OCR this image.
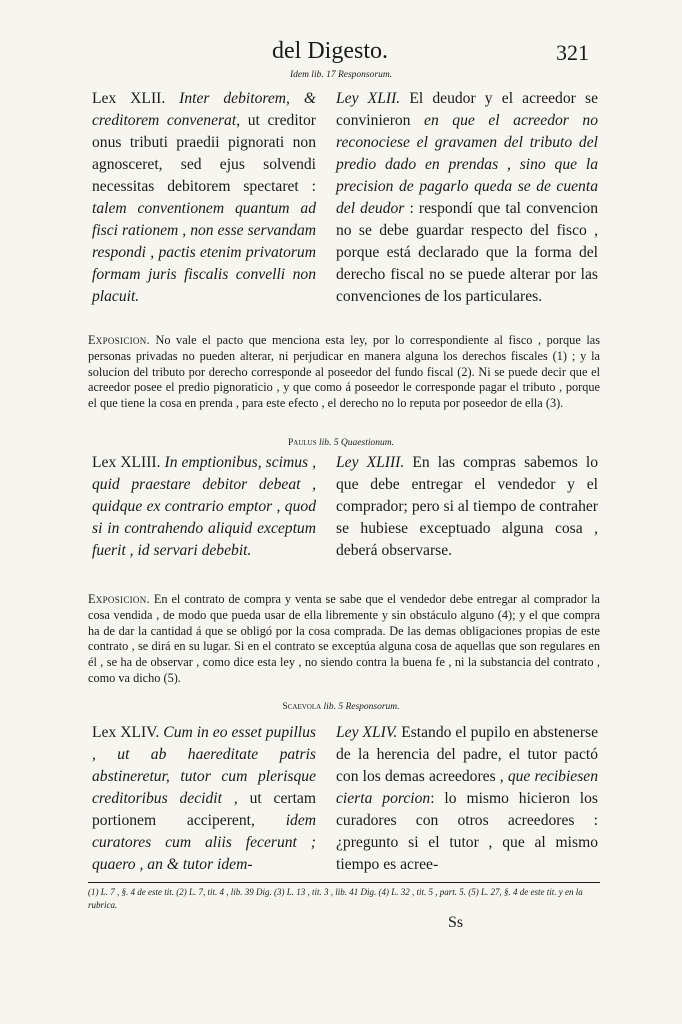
del Digesto.	321
Idem lib. 17 Responsorum.

Lex XLII. Inter debitorem, & creditorem convenerat, ut creditor onus tributi praedii pignorati non agnosceret, sed ejus solvendi necessitas debitorem spectaret : talem conventionem quantum ad fisci rationem , non esse servandam respondi , pactis etenim privatorum formam juris fiscalis convelli non placuit.

Ley XLII. El deudor y el acreedor se convinieron en que el acreedor no reconociese el gravamen del tributo del predio dado en prendas , sino que la precision de pagarlo queda se de cuenta del deudor : respondí que tal convencion no se debe guardar respecto del fisco , porque está declarado que la forma del derecho fiscal no se puede alterar por las convenciones de los particulares.

Exposicion. No vale el pacto que menciona esta ley, por lo correspondiente al fisco , porque las personas privadas no pueden alterar, ni perjudicar en manera alguna los derechos fiscales (1) ; y la solucion del tributo por derecho corresponde al poseedor del fundo fiscal (2). Ni se puede decir que el acreedor posee el predio pignoraticio , y que como á poseedor le corresponde pagar el tributo , porque el que tiene la cosa en prenda , para este efecto , el derecho no lo reputa por poseedor de ella (3).
Paulus lib. 5 Quaestionum.

Lex XLIII. In emptionibus, scimus , quid praestare debitor debeat , quidque ex contrario emptor , quod si in contrahendo aliquid exceptum fuerit , id servari debebit.

Ley XLIII. En las compras sabemos lo que debe entregar el vendedor y el comprador; pero si al tiempo de contraher se hubiese exceptuado alguna cosa , deberá observarse.

Exposicion. En el contrato de compra y venta se sabe que el vendedor debe entregar al comprador la cosa vendida , de modo que pueda usar de ella libremente y sin obstáculo alguno (4); y el que compra ha de dar la cantidad á que se obligó por la cosa comprada. De las demas obligaciones propias de este contrato , se dirá en su lugar. Si en el contrato se exceptúa alguna cosa de aquellas que son regulares en él , se ha de observar , como dice esta ley , no siendo contra la buena fe , ni la substancia del contrato , como va dicho (5).
Scaevola lib. 5 Responsorum.

Lex XLIV. Cum in eo esset pupillus , ut ab haereditate patris abstineretur, tutor cum plerisque creditoribus decidit , ut certam portionem acciperent, idem curatores cum aliis fecerunt ; quaero , an & tutor idem-

Ley XLIV. Estando el pupilo en abstenerse de la herencia del padre, el tutor pactó con los demas acreedores , que recibiesen cierta porcion: lo mismo hicieron los curadores con otros acreedores : ¿pregunto si el tutor , que al mismo tiempo es acree-

(1) L. 7 , §. 4 de este tit. (2) L. 7, tit. 4 , lib. 39 Dig. (3) L. 13 , tit. 3 , lib. 41 Dig. (4) L. 32 , tit. 5 , part. 5. (5) L. 27, §. 4 de este tit. y en la rubrica.
Ss
